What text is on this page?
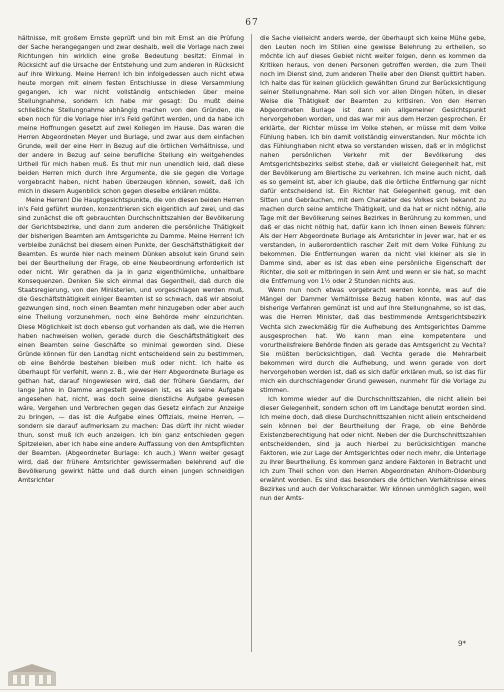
67

hältnisse, mit großem Ernste geprüft und bin mit Ernst an die Prüfung der Sache herangegangen und zwar deshalb, weil die Vorlage nach zwei Richtungen hin wirklich eine große Bedeutung besitzt: Einmal in Rücksicht auf die Ursache der Entstehung und zum anderen in Rücksicht auf ihre Wirkung. Meine Herren! Ich bin infolgedessen auch nicht etwa heute morgen mit einem festen Entschlusse in diese Versammlung gegangen, ich war nicht vollständig entschieden über meine Stellungnahme, sondern ich habe mir gesagt: Du mußt deine schließliche Stellungnahme abhängig machen von den Gründen, die eben noch für die Vorlage hier in's Feld geführt werden, und da habe ich meine Hoffnungen gesetzt auf zwei Kollegen im Hause. Das waren die Herren Abgeordneten Meyer und Burlage, und zwar aus dem einfachen Grunde, weil der eine Herr in Bezug auf die örtlichen Verhältnisse, und der andere in Bezug auf seine berufliche Stellung ein weitgehendes Urtheil für mich haben muß. Es thut mir nun unendlich leid, daß diese beiden Herren mich durch ihre Argumente, die sie gegen die Vorlage vorgebracht haben, nicht haben überzeugen können, soweit, daß ich mich in diesem Augenblick schon gegen dieselbe erklären müßte.

Meine Herren! Die Hauptgesichtspunkte, die von diesen beiden Herren in's Feld geführt wurden, konzentrieren sich eigentlich auf zwei, und das sind zunächst die oft gebrauchten Durchschnittszahlen der Bevölkerung der Gerichtsbezirke, und dann zum anderen die persönliche Thätigkeit der bisherigen Beamten am Amtsgerichte zu Damme. Meine Herren! Ich verbleibe zunächst bei diesem einen Punkte, der Geschäftsthätigkeit der Beamten. Es wurde hier nach meinem Dünken absolut kein Grund sein bei der Beurtheilung der Frage, ob eine Neubeordnung erforderlich ist oder nicht. Wir gerathen da ja in ganz eigenthümliche, unhaltbare Konsequenzen. Denken Sie sich einmal das Gegentheil, daß durch die Staatsregierung, von den Ministerien, und vorgeschlagen werden muß, die Geschäftsthätigkeit einiger Beamten ist so schwach, daß wir absolut gezwungen sind, noch einen Beamten mehr hinzugeben oder aber auch eine Theilung vorzunehmen, noch eine Behörde mehr einzurichten. Diese Möglichkeit ist doch ebenso gut vorhanden als daß, wie die Herren haben nachweisen wollen, gerade durch die Geschäftsthätigkeit des einen Beamten seine Geschäfte so minimal geworden sind. Diese Gründe können für den Landtag nicht entscheidend sein zu bestimmen, ob eine Behörde bestehen bleiben muß oder nicht. Ich halte es überhaupt für verfehlt, wenn z. B., wie der Herr Abgeordnete Burlage es gethan hat, darauf hingewiesen wird, daß der frühere Gendarm, der lange Jahre in Damme angestellt gewesen ist, es als seine Aufgabe angesehen hat, nicht, was doch seine dienstliche Aufgabe gewesen wäre, Vergehen und Verbrechen gegen das Gesetz einfach zur Anzeige zu bringen, — das ist die Aufgabe eines Offizials, meine Herren, — sondern sie darauf aufmerksam zu machen: Das dürft ihr nicht wieder thun, sonst muß ich euch anzeigen. Ich bin ganz entschieden gegen Spitzeleien, aber ich habe eine andere Auffassung von den Amtspflichten der Beamten. (Abgeordneter Burlage: Ich auch.) Wenn weiter gesagt wird, daß der frühere Amtsrichter gewissermaßen belehrend auf die Bevölkerung gewirkt hätte und daß durch einen jungen schneidigen Amtsrichter

die Sache vielleicht anders werde, der überhaupt sich keine Mühe gebe, den Leuten noch im Stillen eine gewisse Belehrung zu ertheilen, so möchte ich auf dieses Gebiet nicht weiter folgen, denn es kommen da Kritiken heraus, von denen Personen getroffen werden, die zum Theil noch im Dienst sind, zum anderen Theile aber den Dienst quittirt haben. Ich halte das für keinen glücklich gewählten Grund zur Berücksichtigung seiner Stellungnahme. Man soll sich vor allen Dingen hüten, in dieser Weise die Thätigkeit der Beamten zu kritisiren. Von den Herren Abgeordneten Burlage ist dann ein allgemeiner Gesichtspunkt hervorgehoben worden, und das war mir aus dem Herzen gesprochen. Er erklärte, der Richter müsse im Volke stehen, er müsse mit dem Volke Fühlung haben. Ich bin damit vollständig einverstanden. Nur möchte ich das Fühlunghaben nicht etwa so verstanden wissen, daß er in möglichst nahen persönlichen Verkehr mit der Bevölkerung des Amtsgerichtsbezirks selbst stehe, daß er vielleicht Gelegenheit hat, mit der Bevölkerung am Biertische zu verkehren. Ich meine auch nicht, daß es so gemeint ist, aber ich glaube, daß die örtliche Entfernung gar nicht dafür entscheidend ist. Ein Richter hat Gelegenheit genug, mit den Sitten und Gebräuchen, mit dem Charakter des Volkes sich bekannt zu machen durch seine amtliche Thätigkeit, und da hat er nicht nöthig, alle Tage mit der Bevölkerung seines Bezirkes in Berührung zu kommen, und daß er das nicht nöthig hat, dafür kann ich Ihnen einen Beweis führen: Als der Herr Abgeordnete Burlage als Amtsrichter in Jever war, hat er es verstanden, in außerordentlich rascher Zeit mit dem Volke Fühlung zu bekommen. Die Entfernungen waren da nicht viel kleiner als sie in Damme sind, aber es ist das eben eine persönliche Eigenschaft der Richter, die soll er mitbringen in sein Amt und wenn er sie hat, so macht die Entfernung von 1½ oder 2 Stunden nichts aus.

Wenn nun noch etwas vorgebracht werden konnte, was auf die Mängel der Dammer Verhältnisse Bezug haben könnte, was auf das bisherige Verfahren gemünzt ist und auf ihre Stellungnahme, so ist das, was die Herren Minister, daß das bestimmende Amtsgerichtsbezirk Vechta sich zweckmäßig für die Aufhebung des Amtsgerichtes Damme ausgesprochen hat. Wo kann man eine kompetentere und vorurtheilsfreiere Behörde finden als gerade das Amtsgericht zu Vechta? Sie müßten berücksichtigen, daß Vechta gerade die Mehrarbeit bekommen wird durch die Aufhebung, und wenn gerade von dort hervorgehoben worden ist, daß es sich dafür erklären muß, so ist das für mich ein durchschlagender Grund gewesen, nunmehr für die Vorlage zu stimmen.

Ich komme wieder auf die Durchschnittszahlen, die nicht allein bei dieser Gelegenheit, sondern schon oft im Landtage benutzt worden sind. Ich meine doch, daß diese Durchschnittszahlen nicht allein entscheidend sein können bei der Beurtheilung der Frage, ob eine Behörde Existenzberechtigung hat oder nicht. Neben der die Durchschnittszahlen entscheidenden, sind ja auch hierbei zu berücksichtigen manche Faktoren, wie zur Lage der Amtsgerichtes oder noch mehr, die Unterlage zu ihrer Beurtheilung. Es kommen ganz andere Faktoren in Betracht und ich zum Theil schon von den Herren Abgeordneten Ahlhorn-Oldenburg erwähnt worden. Es sind das besonders die örtlichen Verhältnisse eines Bezirkes und auch der Volkscharakter. Wir können unmöglich sagen, weil nun der Amts-

9*
